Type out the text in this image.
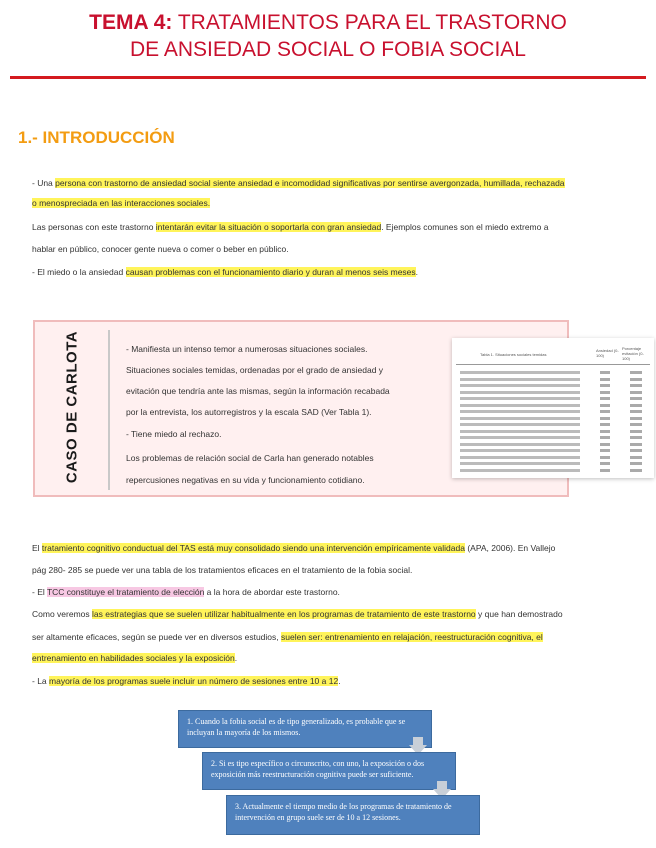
TEMA 4: TRATAMIENTOS PARA EL TRASTORNO
DE ANSIEDAD SOCIAL O FOBIA SOCIAL
1.- INTRODUCCIÓN
- Una persona con trastorno de ansiedad social siente ansiedad e incomodidad significativas por sentirse avergonzada, humillada, rechazada
o menospreciada en las interacciones sociales.
Las personas con este trastorno intentarán evitar la situación o soportarla con gran ansiedad. Ejemplos comunes son el miedo extremo a
hablar en público, conocer gente nueva o comer o beber en público.
- El miedo o la ansiedad causan problemas con el funcionamiento diario y duran al menos seis meses.
CASO DE CARLOTA	- Manifiesta un intenso temor a numerosas situaciones sociales.
Situaciones sociales temidas, ordenadas por el grado de ansiedad y
evitación que tendría ante las mismas, según la información recabada
por la entrevista, los autorregistros y la escala SAD (Ver Tabla 1).
- Tiene miedo al rechazo.
Los problemas de relación social de Carla han generado notables
repercusiones negativas en su vida y funcionamiento cotidiano.
Tabla 1. Situaciones sociales temidas
Ansiedad (0-100)
Porcentaje evitación (0-100)
El tratamiento cognitivo conductual del TAS está muy consolidado siendo una intervención empíricamente validada (APA, 2006). En Vallejo
pág 280- 285 se puede ver una tabla de los tratamientos eficaces en el tratamiento de la fobia social.
- El TCC constituye el tratamiento de elección a la hora de abordar este trastorno.
Como veremos las estrategias que se suelen utilizar habitualmente en los programas de tratamiento de este trastorno y que han demostrado
ser altamente eficaces, según se puede ver en diversos estudios, suelen ser: entrenamiento en relajación, reestructuración cognitiva, el
entrenamiento en habilidades sociales y la exposición.
- La mayoría de los programas suele incluir un número de sesiones entre 10 a 12.
1. Cuando la fobia social es de tipo generalizado, es probable que se incluyan la mayoría de los mismos.
2. Si es tipo específico o circunscrito, con uno, la exposición o dos exposición más reestructuración cognitiva puede ser suficiente.
3. Actualmente el tiempo medio de los programas de tratamiento de intervención en grupo suele ser de 10 a 12 sesiones.
